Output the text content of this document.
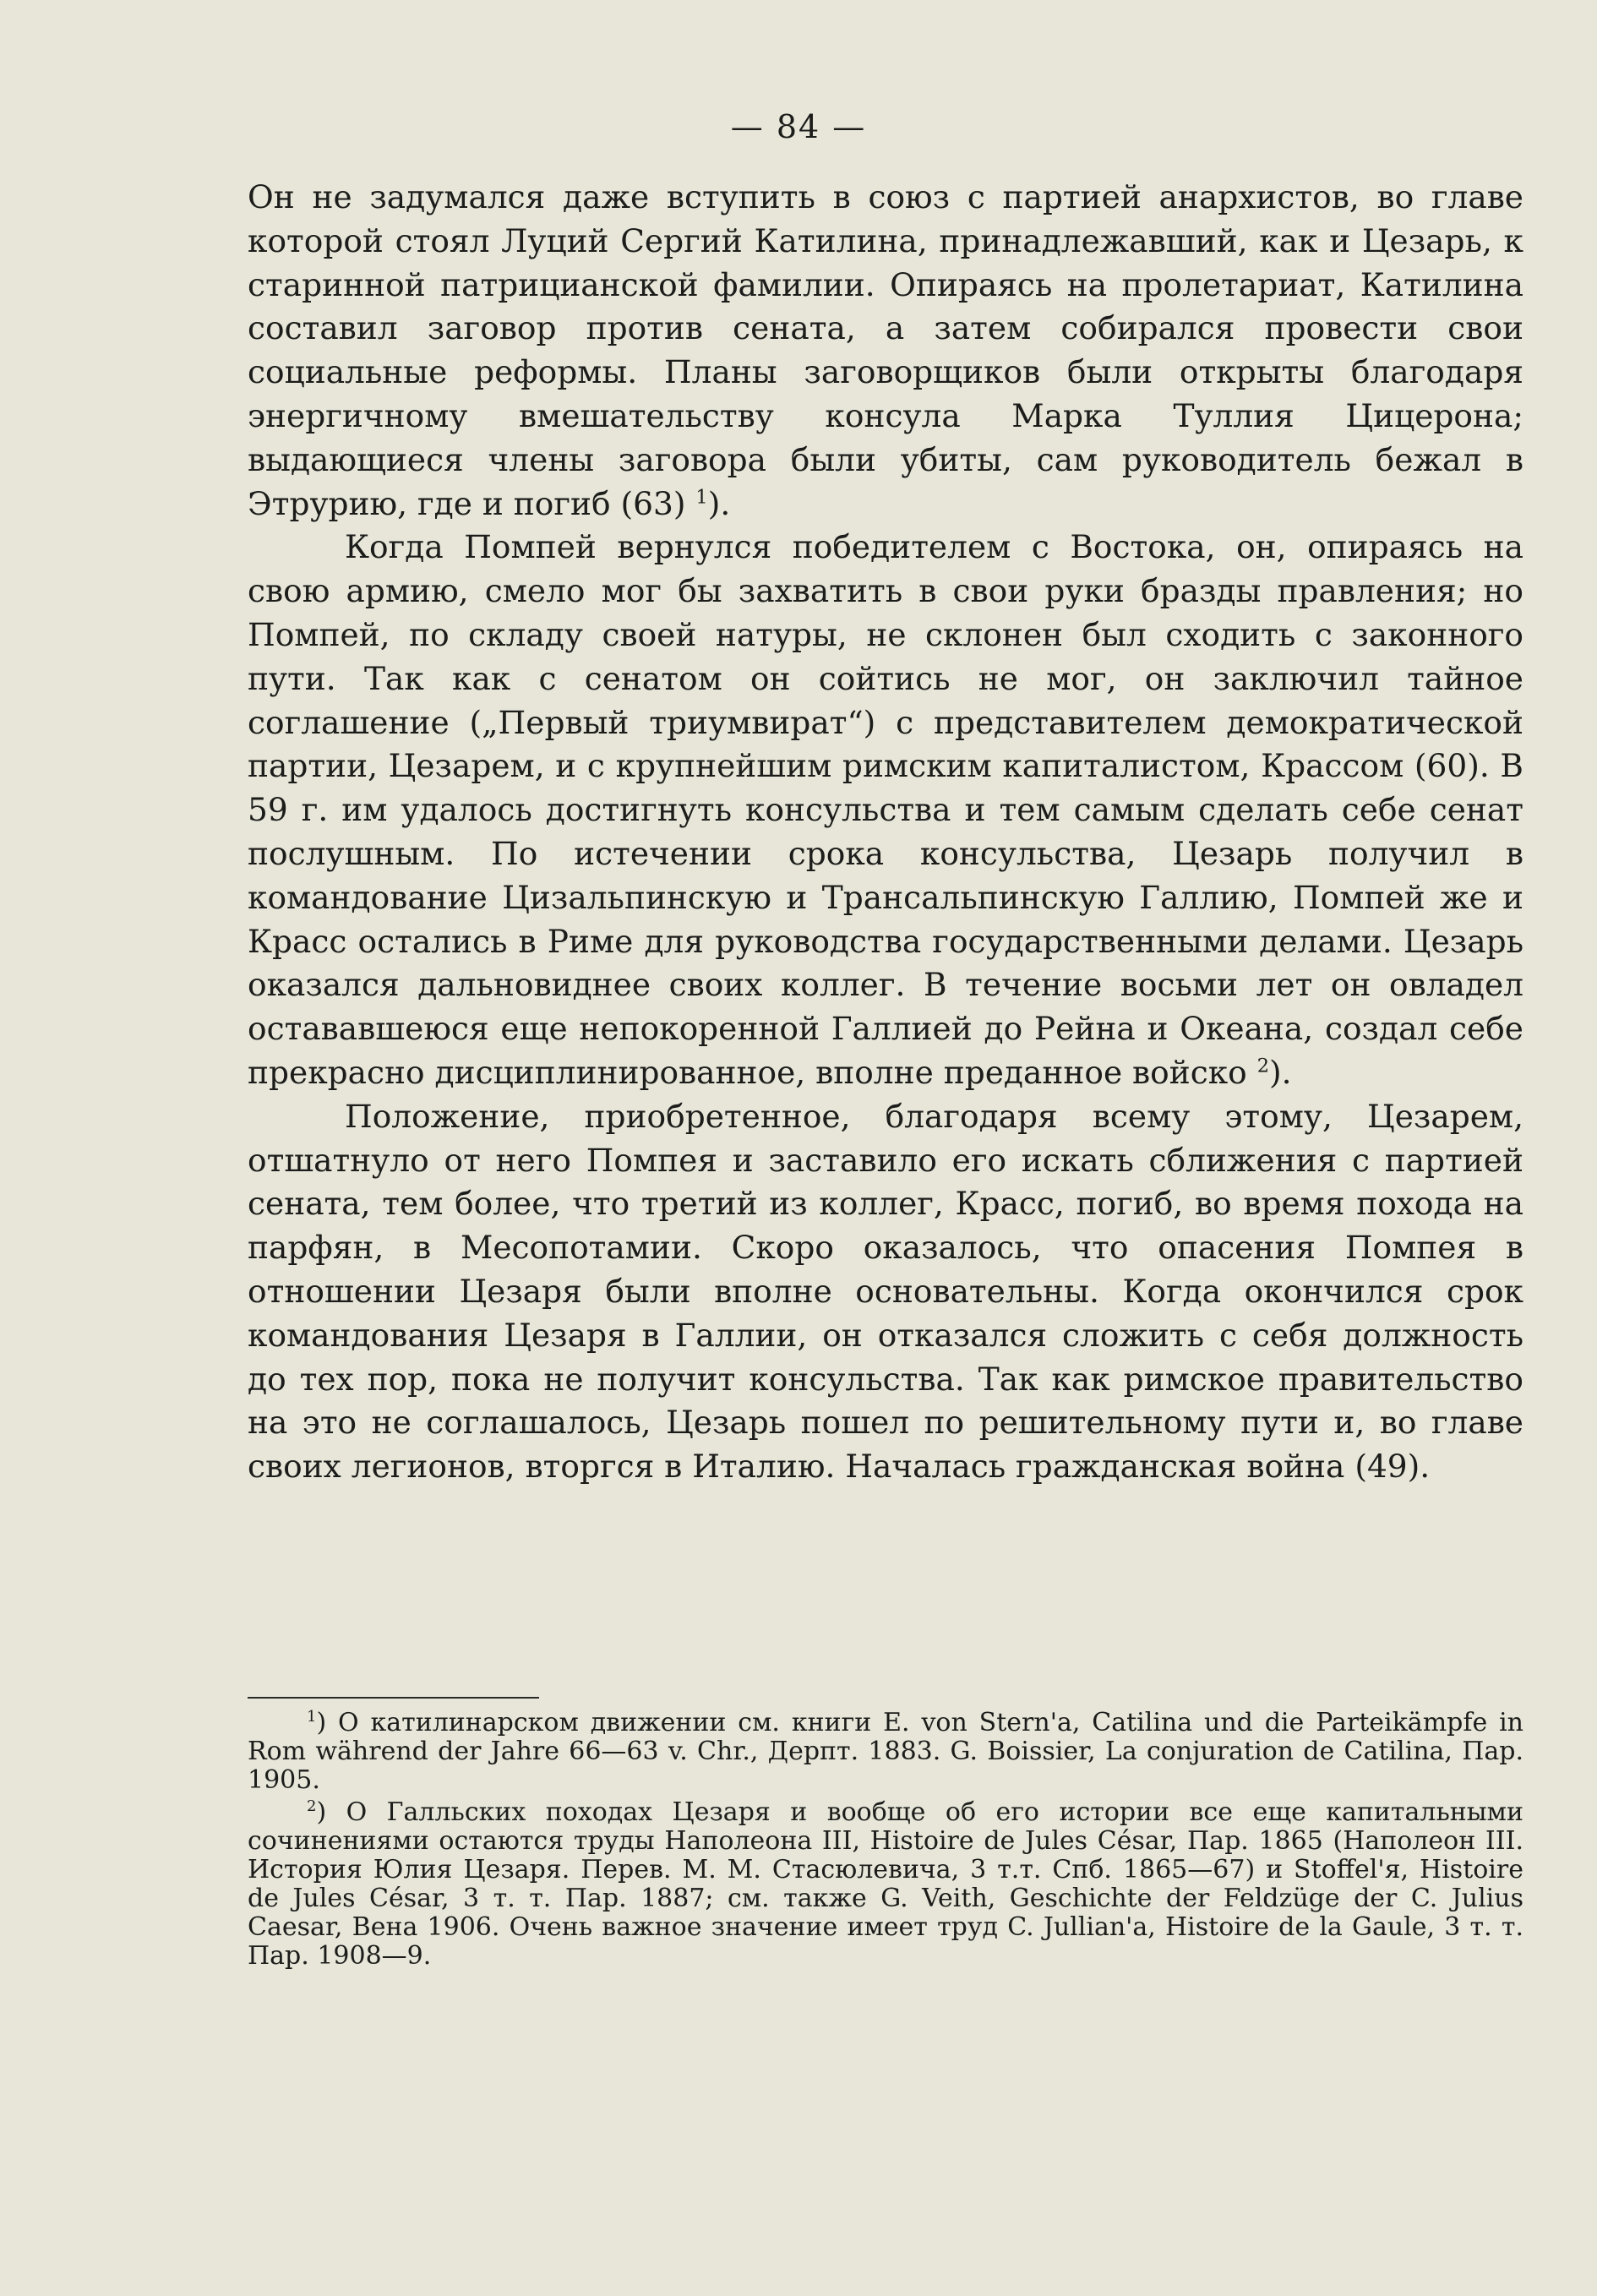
— 84 —

Он не задумался даже вступить в союз с партией анархистов, во главе которой стоял Луций Сергий Катилина, принадлежавший, как и Цезарь, к старинной патрицианской фамилии. Опираясь на пролетариат, Катилина составил заговор против сената, а затем собирался провести свои социальные реформы. Планы заговорщиков были открыты благодаря энергичному вмешательству консула Марка Туллия Цицерона; выдающиеся члены заговора были убиты, сам руководитель бежал в Этрурию, где и погиб (63) $^1$).

Когда Помпей вернулся победителем с Востока, он, опираясь на свою армию, смело мог бы захватить в свои руки бразды правления; но Помпей, по складу своей натуры, не склонен был сходить с законного пути. Так как с сенатом он сойтись не мог, он заключил тайное соглашение („Первый триумвират“) с представителем демократической партии, Цезарем, и с крупнейшим римским капиталистом, Крассом (60). В 59 г. им удалось достигнуть консульства и тем самым сделать себе сенат послушным. По истечении срока консульства, Цезарь получил в командование Цизальпинскую и Трансальпинскую Галлию, Помпей же и Красс остались в Риме для руководства государственными делами. Цезарь оказался дальновиднее своих коллег. В течение восьми лет он овладел остававшеюся еще непокоренной Галлией до Рейна и Океана, создал себе прекрасно дисциплинированное, вполне преданное войско $^2$).

Положение, приобретенное, благодаря всему этому, Цезарем, отшатнуло от него Помпея и заставило его искать сближения с партией сената, тем более, что третий из коллег, Красс, погиб, во время похода на парфян, в Месопотамии. Скоро оказалось, что опасения Помпея в отношении Цезаря были вполне основательны. Когда окончился срок командования Цезаря в Галлии, он отказался сложить с себя должность до тех пор, пока не получит консульства. Так как римское правительство на это не соглашалось, Цезарь пошел по решительному пути и, во главе своих легионов, вторгся в Италию. Началась гражданская война (49).

$^1$) О катилинарском движении см. книги E. von Stern'a, Catilina und die Parteikämpfe in Rom während der Jahre 66—63 v. Chr., Дерпт. 1883. G. Boissier, La conjuration de Catilina, Пар. 1905.

$^2$) О Галльских походах Цезаря и вообще об его истории все еще капитальными сочинениями остаются труды Наполеона III, Histoire de Jules César, Пар. 1865 (Наполеон III. История Юлия Цезаря. Перев. М. М. Стасюлевича, 3 т.т. Спб. 1865—67) и Stoffel'я, Histoire de Jules César, 3 т. т. Пар. 1887; см. также G. Veith, Geschichte der Feldzüge der C. Julius Caesar, Вена 1906. Очень важное значение имеет труд C. Jullian'a, Histoire de la Gaule, 3 т. т. Пар. 1908—9.
